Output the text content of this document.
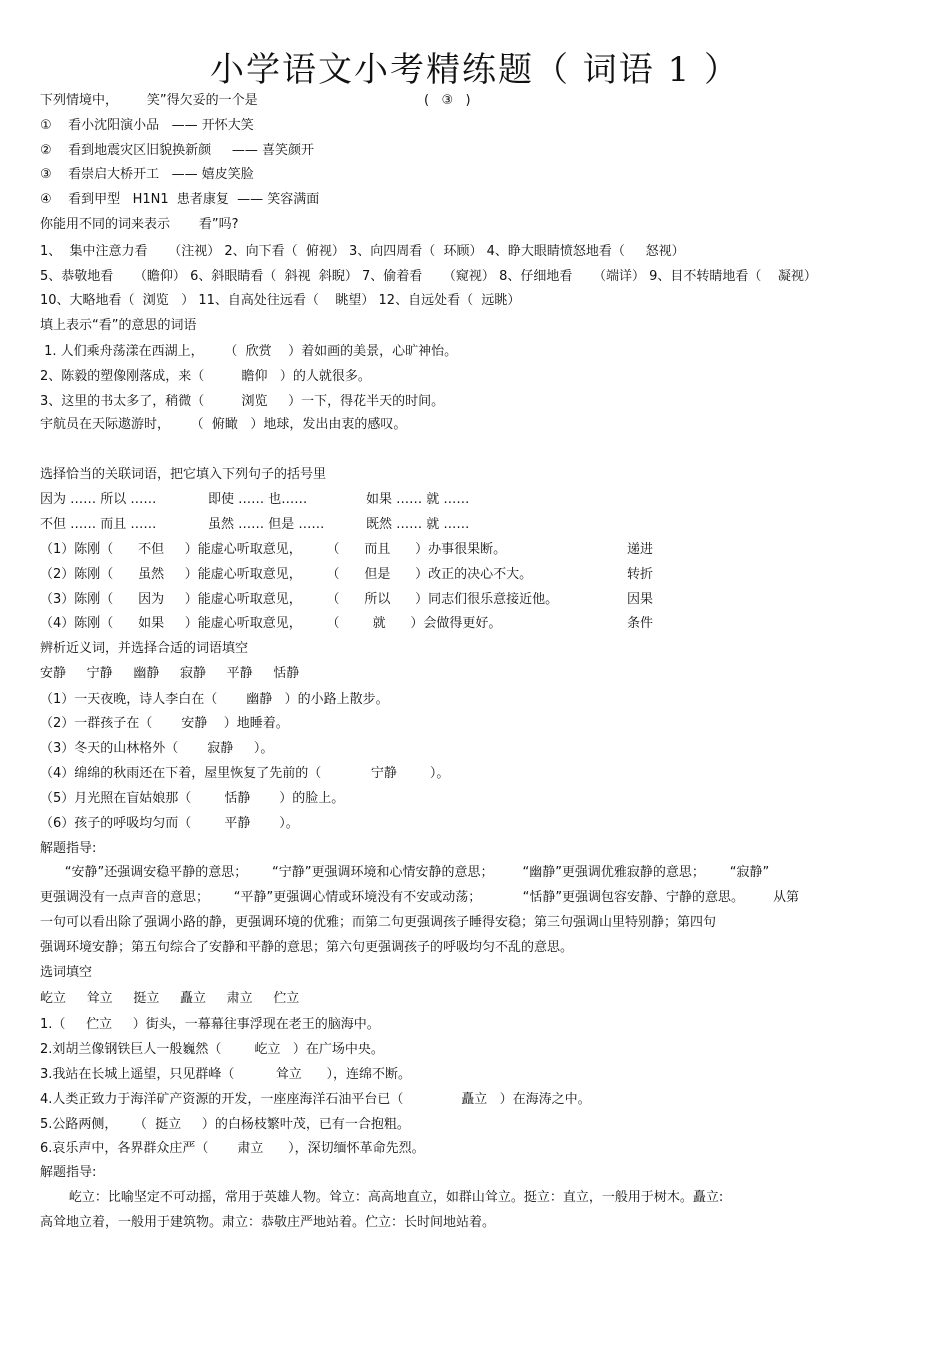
小学语文小考精练题（ 词语 1 ）
下列情境中，       笑”得欠妥的一个是	(   ③   )
①    看小沈阳演小品   —— 开怀大笑
②    看到地震灾区旧貌换新颜     —— 喜笑颜开
③    看崇启大桥开工   —— 嬉皮笑脸
④    看到甲型   H1N1  患者康复  —— 笑容满面
你能用不同的词来表示       看”吗?
1、  集中注意力看     （注视） 2、向下看（  俯视） 3、向四周看（  环顾） 4、睁大眼睛愤怒地看（     怒视）
5、恭敬地看     （瞻仰） 6、斜眼睛看（  斜视  斜睨） 7、偷着看     （窥视） 8、仔细地看     （端详） 9、目不转睛地看（    凝视）
10、大略地看（  浏览   ） 11、自高处往远看（    眺望） 12、自远处看（  远眺）
填上表示“看”的意思的词语
1. 人们乘舟荡漾在西湖上，     （  欣赏    ）着如画的美景，心旷神怡。
2、陈毅的塑像刚落成，来（         瞻仰   ）的人就很多。
3、这里的书太多了，稍微（         浏览     ）一下，得花半天的时间。
宇航员在天际遨游时，     （  俯瞰   ）地球，发出由衷的感叹。
选择恰当的关联词语，把它填入下列句子的括号里
因为 …… 所以 ……	即使 …… 也……	如果 …… 就 ……
不但 …… 而且 ……	虽然 …… 但是 ……	既然 …… 就 ……
（1）陈刚（      不但     ）能虚心听取意见，      （      而且      ）办事很果断。	递进
（2）陈刚（      虽然     ）能虚心听取意见，      （      但是      ）改正的决心不大。	转折
（3）陈刚（      因为     ）能虚心听取意见，      （      所以      ）同志们很乐意接近他。	因果
（4）陈刚（      如果     ）能虚心听取意见，      （        就      ）会做得更好。	条件
辨析近义词，并选择合适的词语填空
安静     宁静     幽静     寂静     平静     恬静
（1）一天夜晚，诗人李白在（       幽静   ）的小路上散步。
（2）一群孩子在（       安静    ）地睡着。
（3）冬天的山林格外（       寂静     ）。
（4）绵绵的秋雨还在下着，屋里恢复了先前的（            宁静        ）。
（5）月光照在盲姑娘那（        恬静       ）的脸上。
（6）孩子的呼吸均匀而（        平静       ）。
解题指导:
“安静”还强调安稳平静的意思；      “宁静”更强调环境和心情安静的意思；       “幽静”更强调优雅寂静的意思；      “寂静”
更强调没有一点声音的意思；      “平静”更强调心情或环境没有不安或动荡；          “恬静”更强调包容安静、宁静的意思。       从第
一句可以看出除了强调小路的静，更强调环境的优雅；而第二句更强调孩子睡得安稳；第三句强调山里特别静；第四句
强调环境安静；第五句综合了安静和平静的意思；第六句更强调孩子的呼吸均匀不乱的意思。
选词填空
屹立     耸立     挺立     矗立     肃立     伫立
1.（     伫立     ）街头，一幕幕往事浮现在老王的脑海中。
2.刘胡兰像钢铁巨人一般巍然（        屹立   ）在广场中央。
3.我站在长城上遥望，只见群峰（          耸立      ），连绵不断。
4.人类正致力于海洋矿产资源的开发，一座座海洋石油平台已（              矗立   ）在海涛之中。
5.公路两侧，    （  挺立     ）的白杨枝繁叶茂，已有一合抱粗。
6.哀乐声中，各界群众庄严（       肃立      ），深切缅怀革命先烈。
解题指导:
屹立：比喻坚定不可动摇，常用于英雄人物。耸立：高高地直立，如群山耸立。挺立：直立，一般用于树木。矗立:
高耸地立着，一般用于建筑物。肃立：恭敬庄严地站着。伫立：长时间地站着。
